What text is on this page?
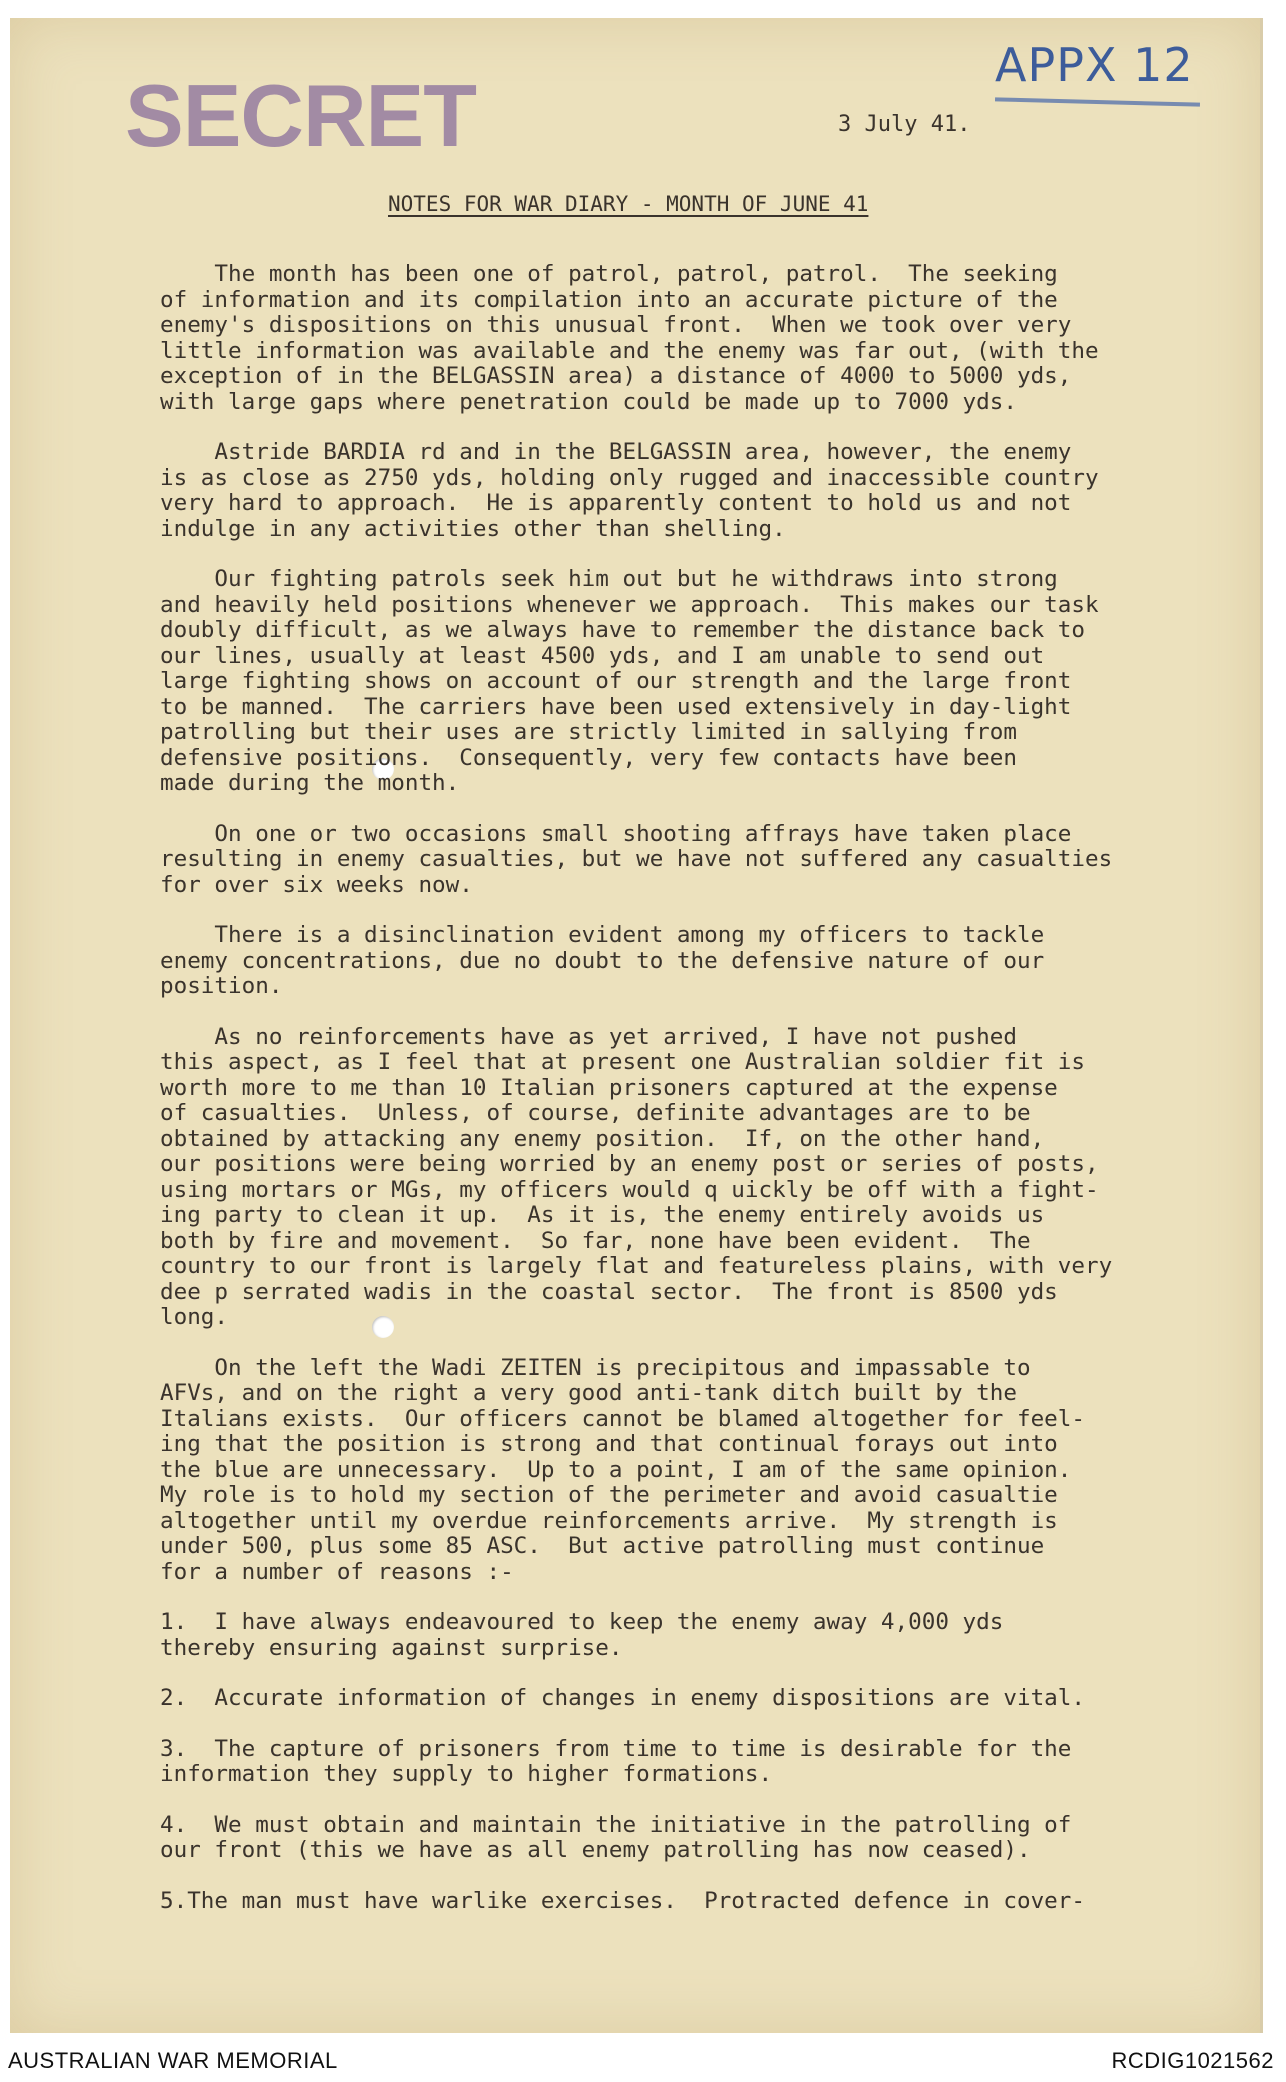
SECRET
APPX 12
3 July 41.
NOTES FOR WAR DIARY - MONTH OF JUNE 41
The month has been one of patrol, patrol, patrol.  The seeking
of information and its compilation into an accurate picture of the
enemy's dispositions on this unusual front.  When we took over very
little information was available and the enemy was far out, (with the
exception of in the BELGASSIN area) a distance of 4000 to 5000 yds,
with large gaps where penetration could be made up to 7000 yds.
Astride BARDIA rd and in the BELGASSIN area, however, the enemy
is as close as 2750 yds, holding only rugged and inaccessible country
very hard to approach.  He is apparently content to hold us and not
indulge in any activities other than shelling.
Our fighting patrols seek him out but he withdraws into strong
and heavily held positions whenever we approach.  This makes our task
doubly difficult, as we always have to remember the distance back to
our lines, usually at least 4500 yds, and I am unable to send out
large fighting shows on account of our strength and the large front
to be manned.  The carriers have been used extensively in day-light
patrolling but their uses are strictly limited in sallying from
defensive positions.  Consequently, very few contacts have been
made during the month.
On one or two occasions small shooting affrays have taken place
resulting in enemy casualties, but we have not suffered any casualties
for over six weeks now.
There is a disinclination evident among my officers to tackle
enemy concentrations, due no doubt to the defensive nature of our
position.
As no reinforcements have as yet arrived, I have not pushed
this aspect, as I feel that at present one Australian soldier fit is
worth more to me than 10 Italian prisoners captured at the expense
of casualties.  Unless, of course, definite advantages are to be
obtained by attacking any enemy position.  If, on the other hand,
our positions were being worried by an enemy post or series of posts,
using mortars or MGs, my officers would q uickly be off with a fight-
ing party to clean it up.  As it is, the enemy entirely avoids us
both by fire and movement.  So far, none have been evident.  The
country to our front is largely flat and featureless plains, with very
dee p serrated wadis in the coastal sector.  The front is 8500 yds
long.
On the left the Wadi ZEITEN is precipitous and impassable to
AFVs, and on the right a very good anti-tank ditch built by the
Italians exists.  Our officers cannot be blamed altogether for feel-
ing that the position is strong and that continual forays out into
the blue are unnecessary.  Up to a point, I am of the same opinion.
My role is to hold my section of the perimeter and avoid casualtie
altogether until my overdue reinforcements arrive.  My strength is
under 500, plus some 85 ASC.  But active patrolling must continue
for a number of reasons :-
1.  I have always endeavoured to keep the enemy away 4,000 yds
thereby ensuring against surprise.
2.  Accurate information of changes in enemy dispositions are vital.
3.  The capture of prisoners from time to time is desirable for the
information they supply to higher formations.
4.  We must obtain and maintain the initiative in the patrolling of
our front (this we have as all enemy patrolling has now ceased).
5.The man must have warlike exercises.  Protracted defence in cover-
AUSTRALIAN WAR MEMORIAL	RCDIG1021562
